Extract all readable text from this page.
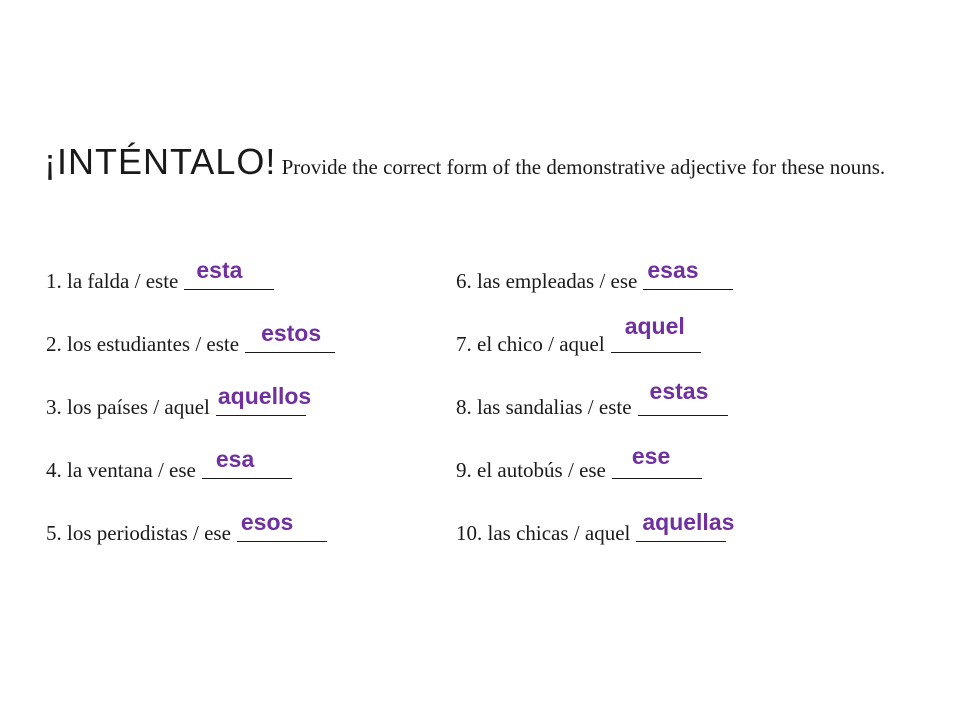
¡INTÉNTALO! Provide the correct form of the demonstrative adjective for these nouns.
1. la falda / este esta
2. los estudiantes / este estos
3. los países / aquel aquellos
4. la ventana / ese esa
5. los periodistas / ese esos
6. las empleadas / ese esas
7. el chico / aquel
aquel
8. las sandalias / este
estas
9. el autobús / ese
ese
10. las chicas / aquel aquellas
